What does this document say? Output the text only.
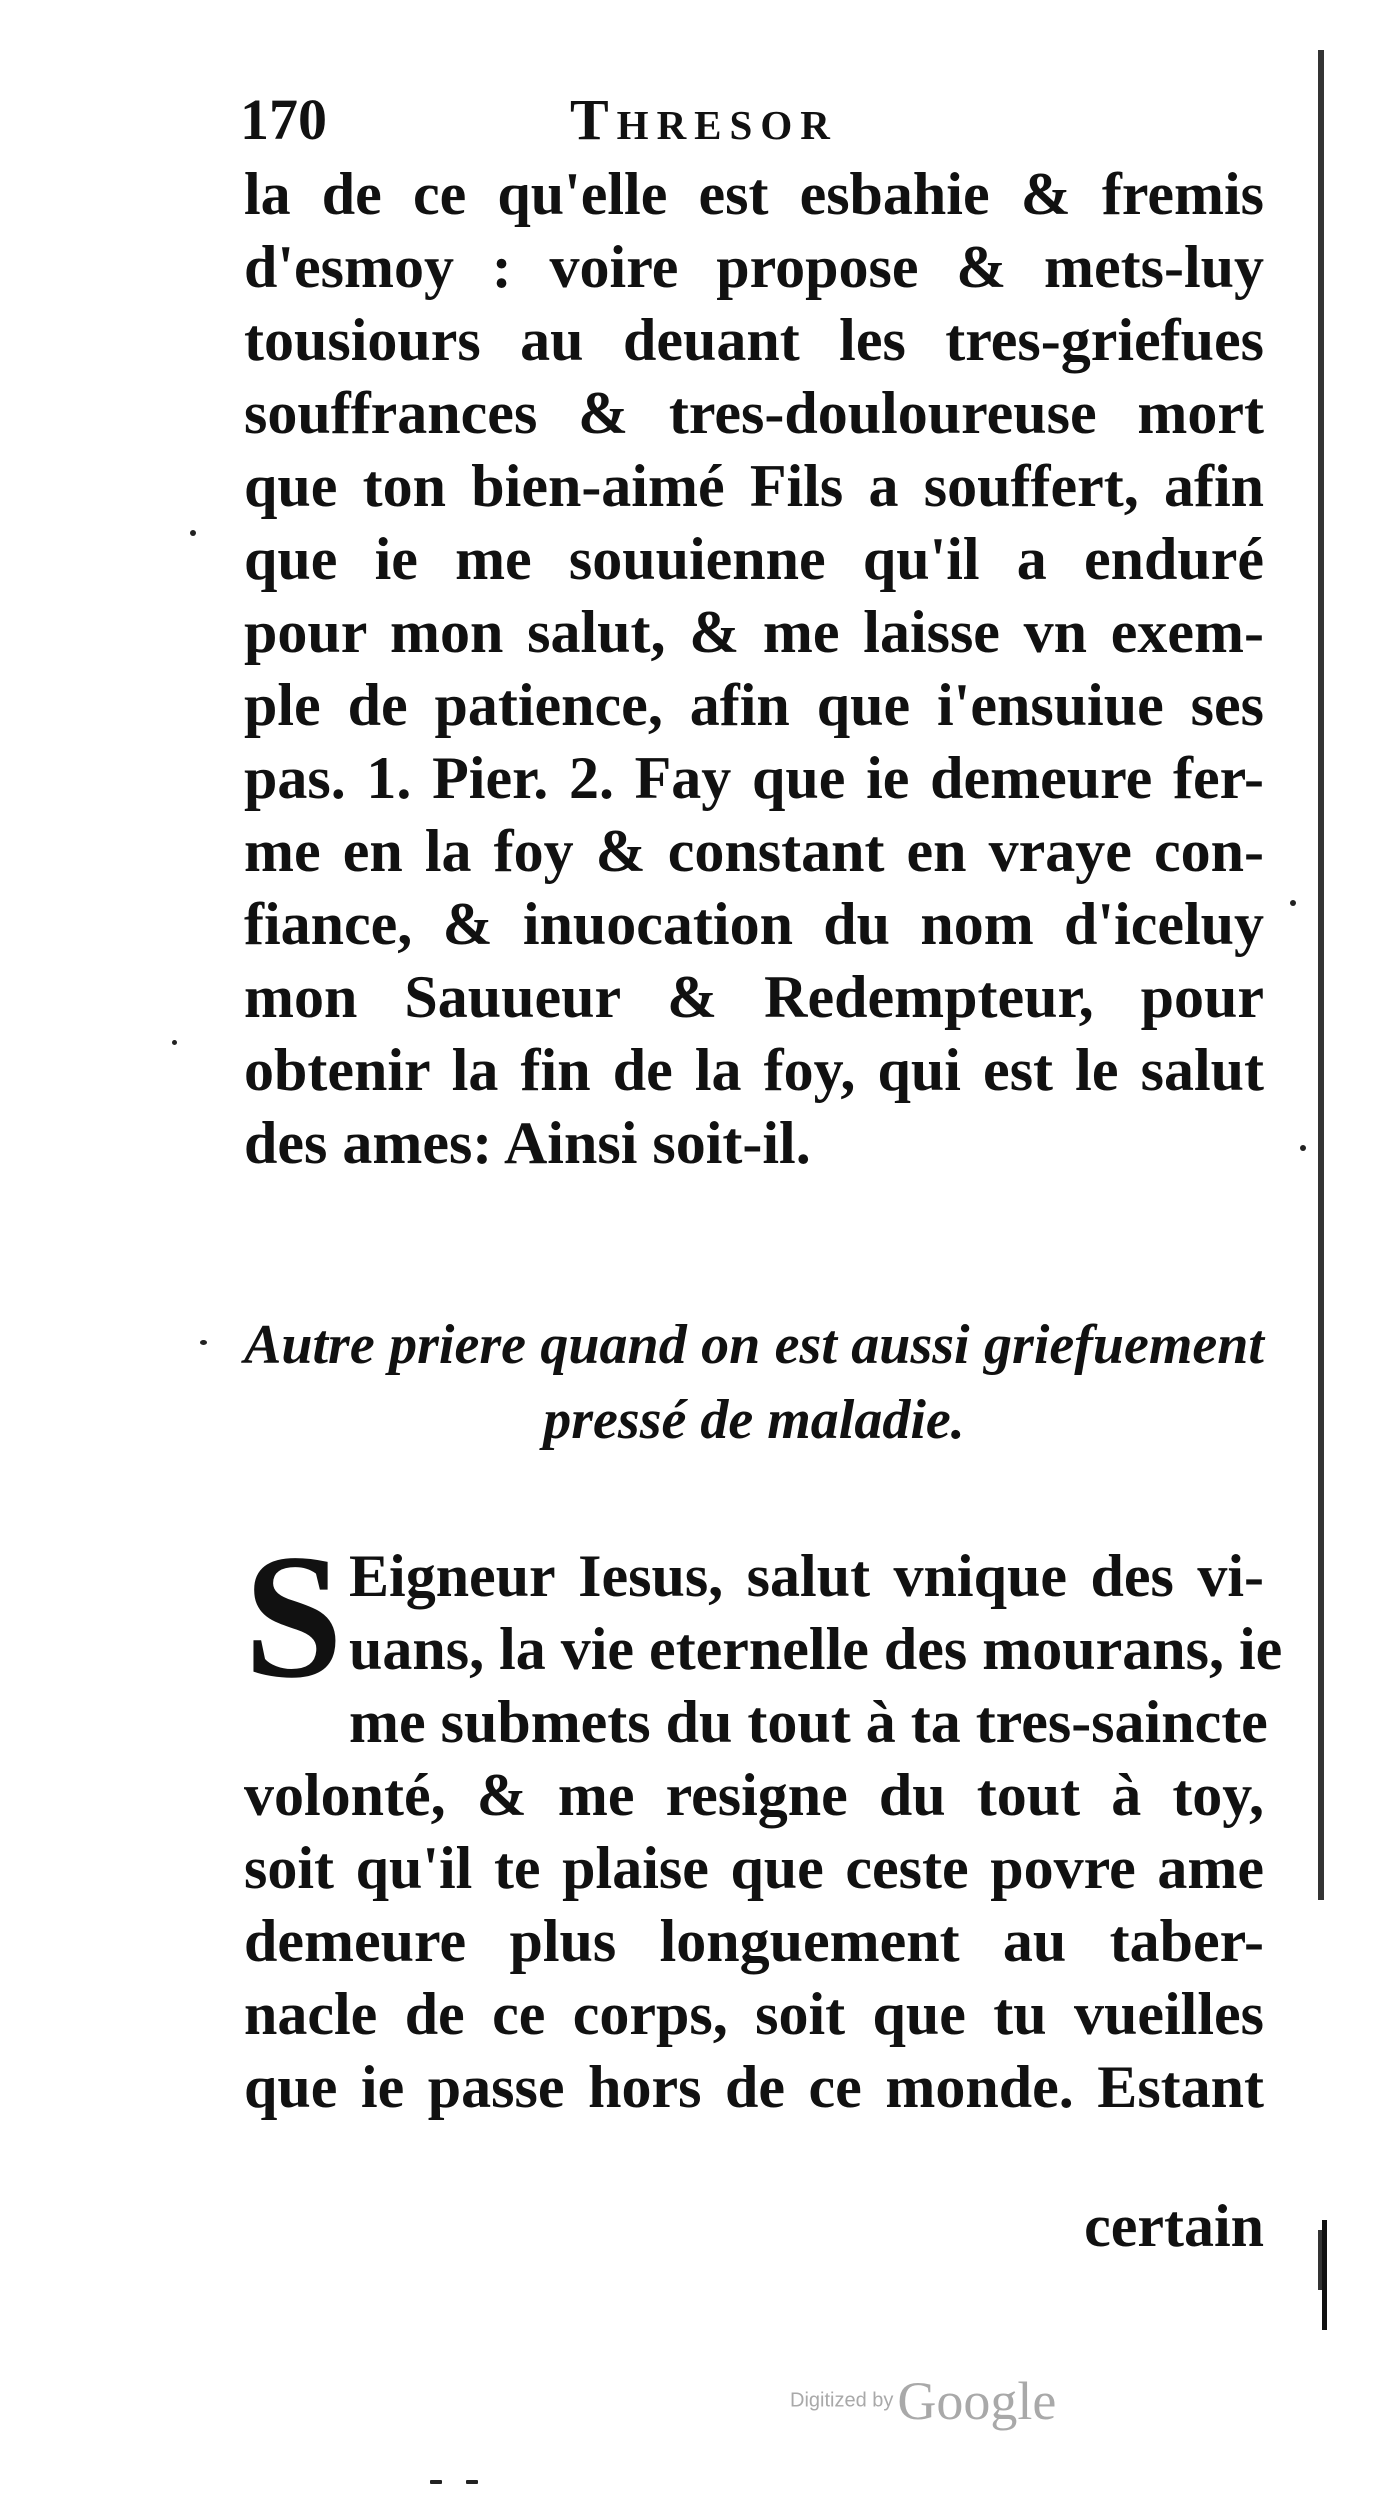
170	Thresor
la de ce qu'elle est esbahie & fremis
d'esmoy : voire propose & mets-luy
tousiours au deuant les tres-griefues
souffrances & tres-douloureuse mort
que ton bien-aimé Fils a souffert, afin
que ie me souuienne qu'il a enduré
pour mon salut, & me laisse vn exem-
ple de patience, afin que i'ensuiue ses
pas. 1. Pier. 2. Fay que ie demeure fer-
me en la foy & constant en vraye con-
fiance, & inuocation du nom d'iceluy
mon Sauueur & Redempteur, pour
obtenir la fin de la foy, qui est le salut
des ames: Ainsi soit-il.
Autre priere quand on est aussi griefuement
pressé de maladie.
S Eigneur Iesus, salut vnique des vi-
uans, la vie eternelle des mourans, ie
me submets du tout à ta tres-saincte
volonté, & me resigne du tout à toy,
soit qu'il te plaise que ceste povre ame
demeure plus longuement au taber-
nacle de ce corps, soit que tu vueilles
que ie passe hors de ce monde. Estant
certain
Digitized by Google
